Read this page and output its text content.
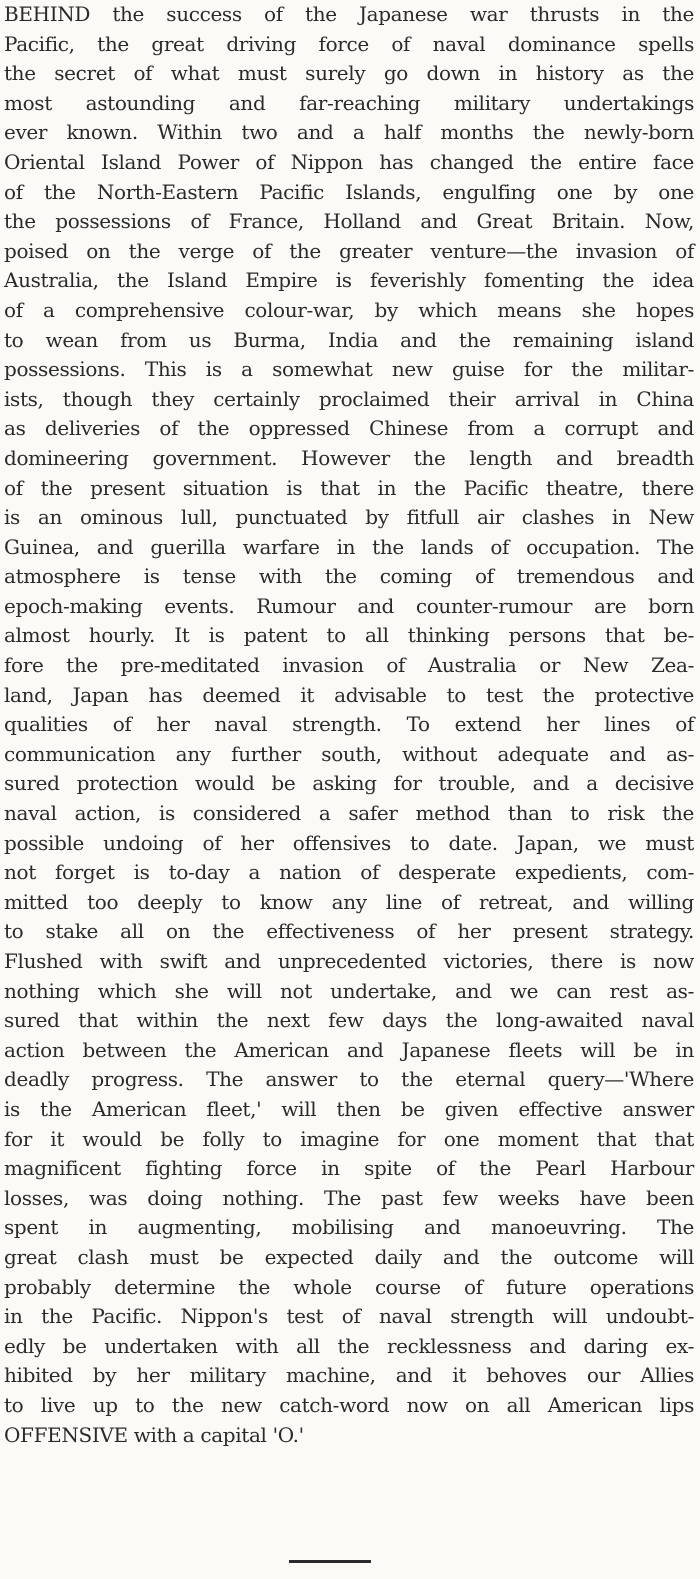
BEHIND the success of the Japanese war thrusts in the
Pacific, the great driving force of naval dominance spells
the secret of what must surely go down in history as the
most astounding and far-reaching military undertakings
ever known. Within two and a half months the newly-born
Oriental Island Power of Nippon has changed the entire face
of the North-Eastern Pacific Islands, engulfing one by one
the possessions of France, Holland and Great Britain. Now,
poised on the verge of the greater venture—the invasion of
Australia, the Island Empire is feverishly fomenting the idea
of a comprehensive colour-war, by which means she hopes
to wean from us Burma, India and the remaining island
possessions. This is a somewhat new guise for the militar-
ists, though they certainly proclaimed their arrival in China
as deliveries of the oppressed Chinese from a corrupt and
domineering government. However the length and breadth
of the present situation is that in the Pacific theatre, there
is an ominous lull, punctuated by fitfull air clashes in New
Guinea, and guerilla warfare in the lands of occupation. The
atmosphere is tense with the coming of tremendous and
epoch-making events. Rumour and counter-rumour are born
almost hourly. It is patent to all thinking persons that be-
fore the pre-meditated invasion of Australia or New Zea-
land, Japan has deemed it advisable to test the protective
qualities of her naval strength. To extend her lines of
communication any further south, without adequate and as-
sured protection would be asking for trouble, and a decisive
naval action, is considered a safer method than to risk the
possible undoing of her offensives to date. Japan, we must
not forget is to-day a nation of desperate expedients, com-
mitted too deeply to know any line of retreat, and willing
to stake all on the effectiveness of her present strategy.
Flushed with swift and unprecedented victories, there is now
nothing which she will not undertake, and we can rest as-
sured that within the next few days the long-awaited naval
action between the American and Japanese fleets will be in
deadly progress. The answer to the eternal query—'Where
is the American fleet,' will then be given effective answer
for it would be folly to imagine for one moment that that
magnificent fighting force in spite of the Pearl Harbour
losses, was doing nothing. The past few weeks have been
spent in augmenting, mobilising and manoeuvring. The
great clash must be expected daily and the outcome will
probably determine the whole course of future operations
in the Pacific. Nippon's test of naval strength will undoubt-
edly be undertaken with all the recklessness and daring ex-
hibited by her military machine, and it behoves our Allies
to live up to the new catch-word now on all American lips
OFFENSIVE with a capital 'O.'
